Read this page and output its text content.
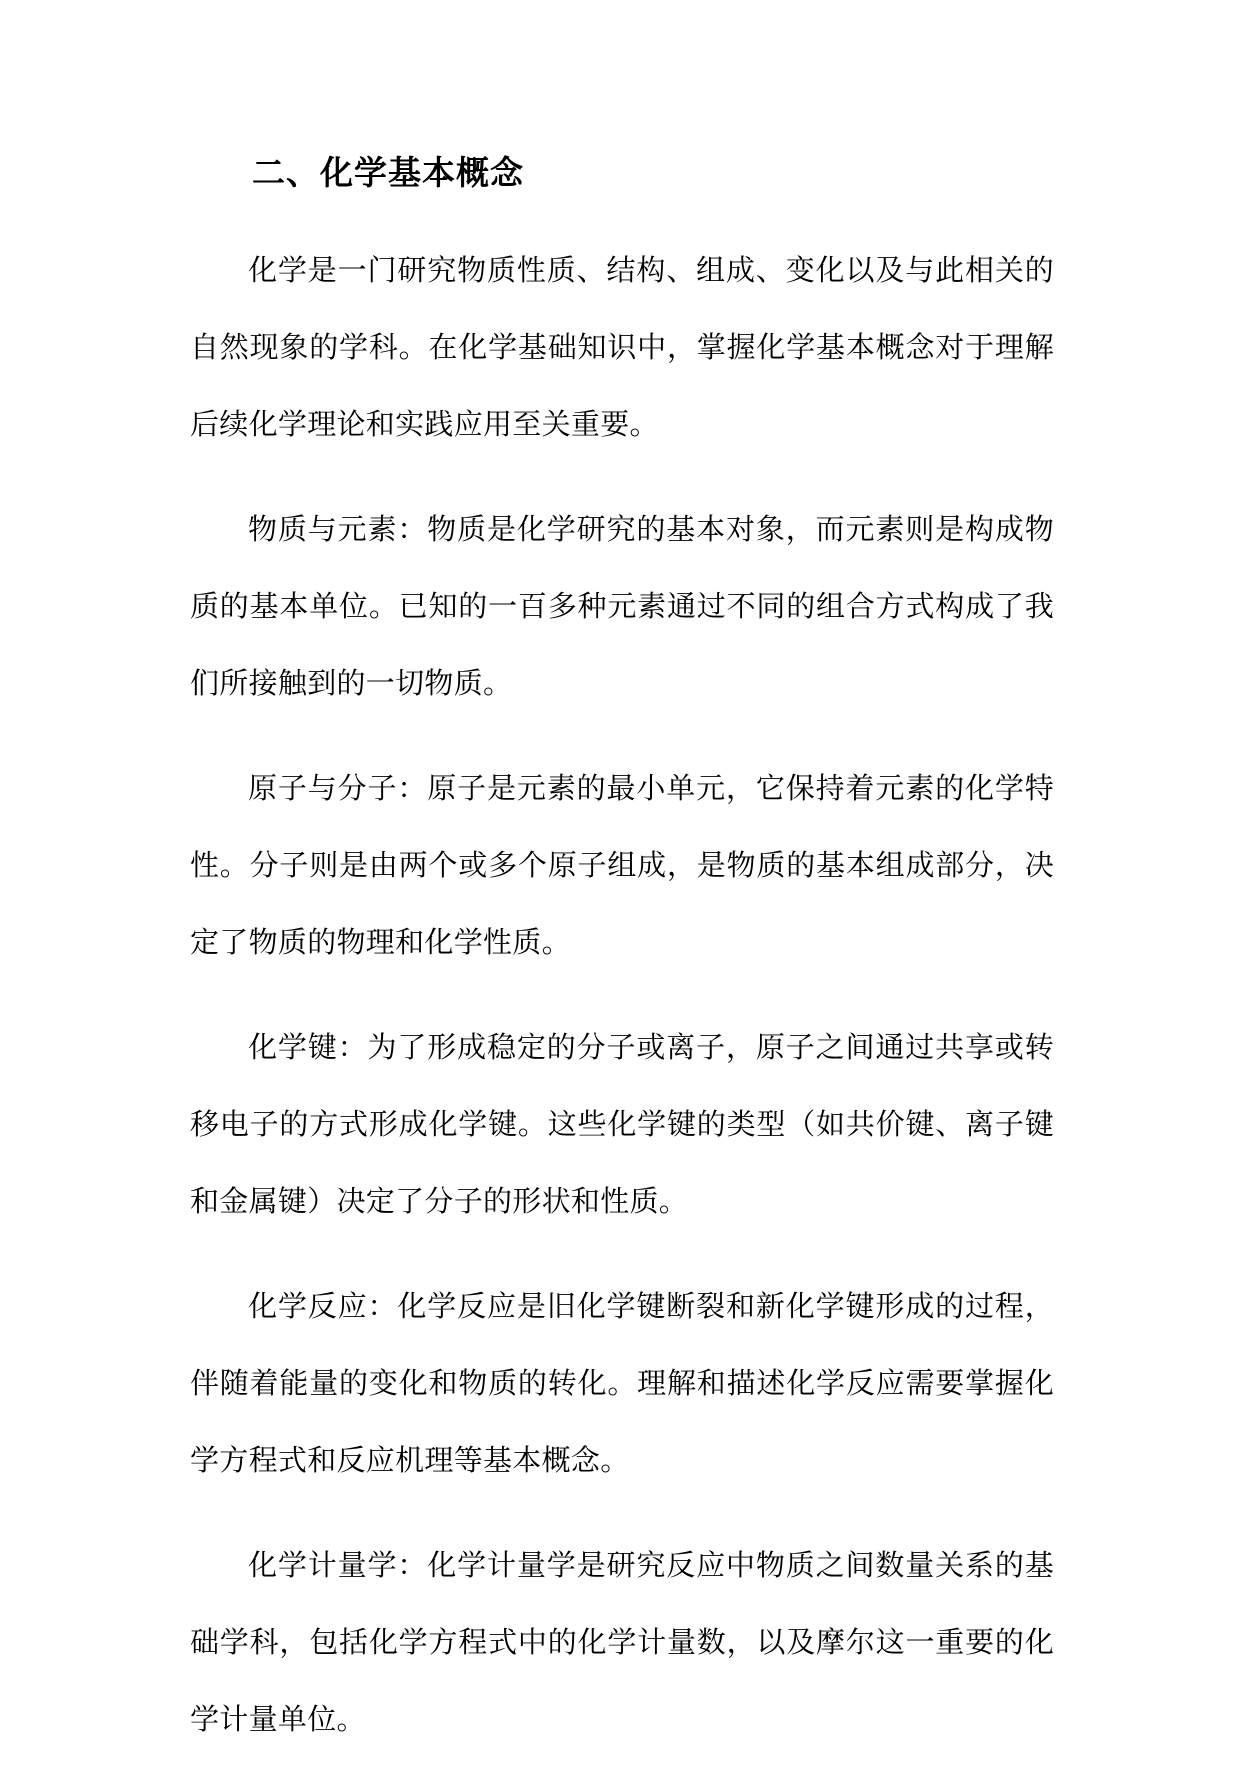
二、化学基本概念

化学是一门研究物质性质、结构、组成、变化以及与此相关的自然现象的学科。在化学基础知识中，掌握化学基本概念对于理解后续化学理论和实践应用至关重要。

物质与元素：物质是化学研究的基本对象，而元素则是构成物质的基本单位。已知的一百多种元素通过不同的组合方式构成了我们所接触到的一切物质。

原子与分子：原子是元素的最小单元，它保持着元素的化学特性。分子则是由两个或多个原子组成，是物质的基本组成部分，决定了物质的物理和化学性质。

化学键：为了形成稳定的分子或离子，原子之间通过共享或转移电子的方式形成化学键。这些化学键的类型（如共价键、离子键和金属键）决定了分子的形状和性质。

化学反应：化学反应是旧化学键断裂和新化学键形成的过程，伴随着能量的变化和物质的转化。理解和描述化学反应需要掌握化学方程式和反应机理等基本概念。

化学计量学：化学计量学是研究反应中物质之间数量关系的基础学科，包括化学方程式中的化学计量数，以及摩尔这一重要的化学计量单位。
